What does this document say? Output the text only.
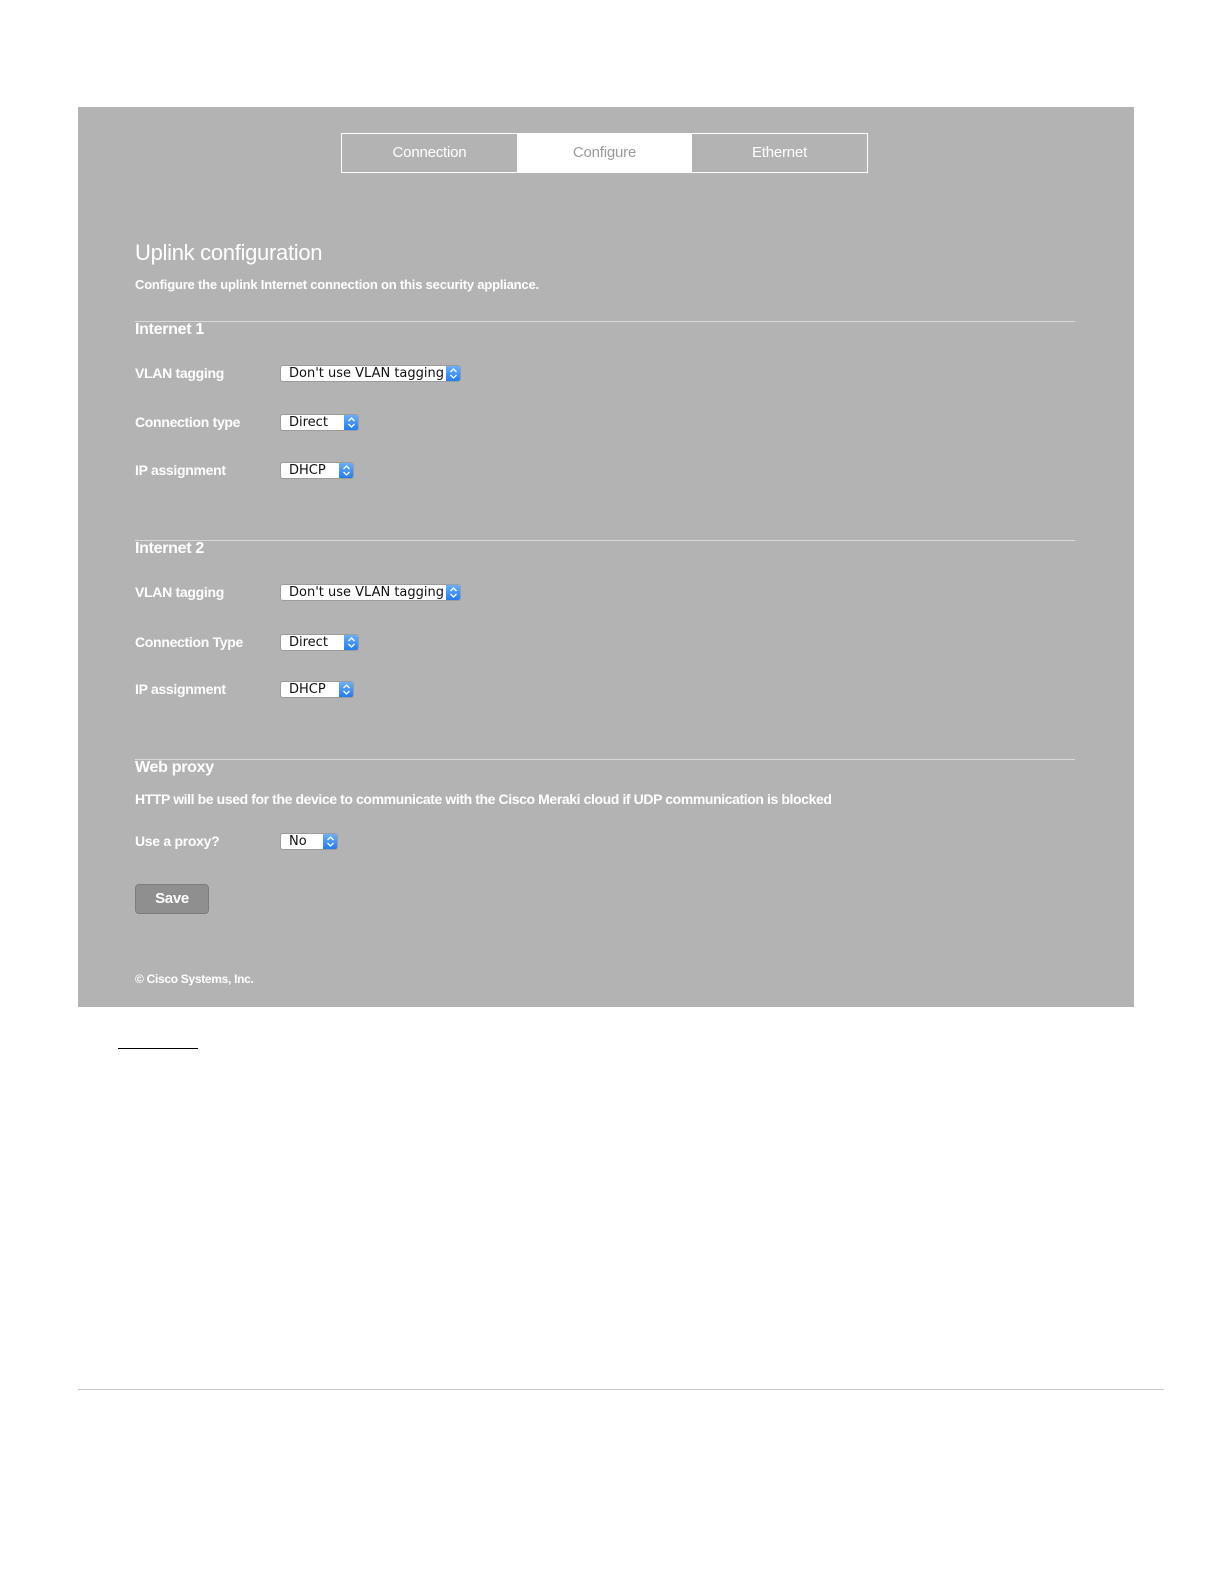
Connection	Configure	Ethernet
Uplink configuration
Configure the uplink Internet connection on this security appliance.
Internet 1
VLAN tagging	Don't use VLAN tagging
Connection type	Direct
IP assignment	DHCP
Internet 2
VLAN tagging	Don't use VLAN tagging
Connection Type	Direct
IP assignment	DHCP
Web proxy
HTTP will be used for the device to communicate with the Cisco Meraki cloud if UDP communication is blocked
Use a proxy?	No
Save
© Cisco Systems, Inc.
